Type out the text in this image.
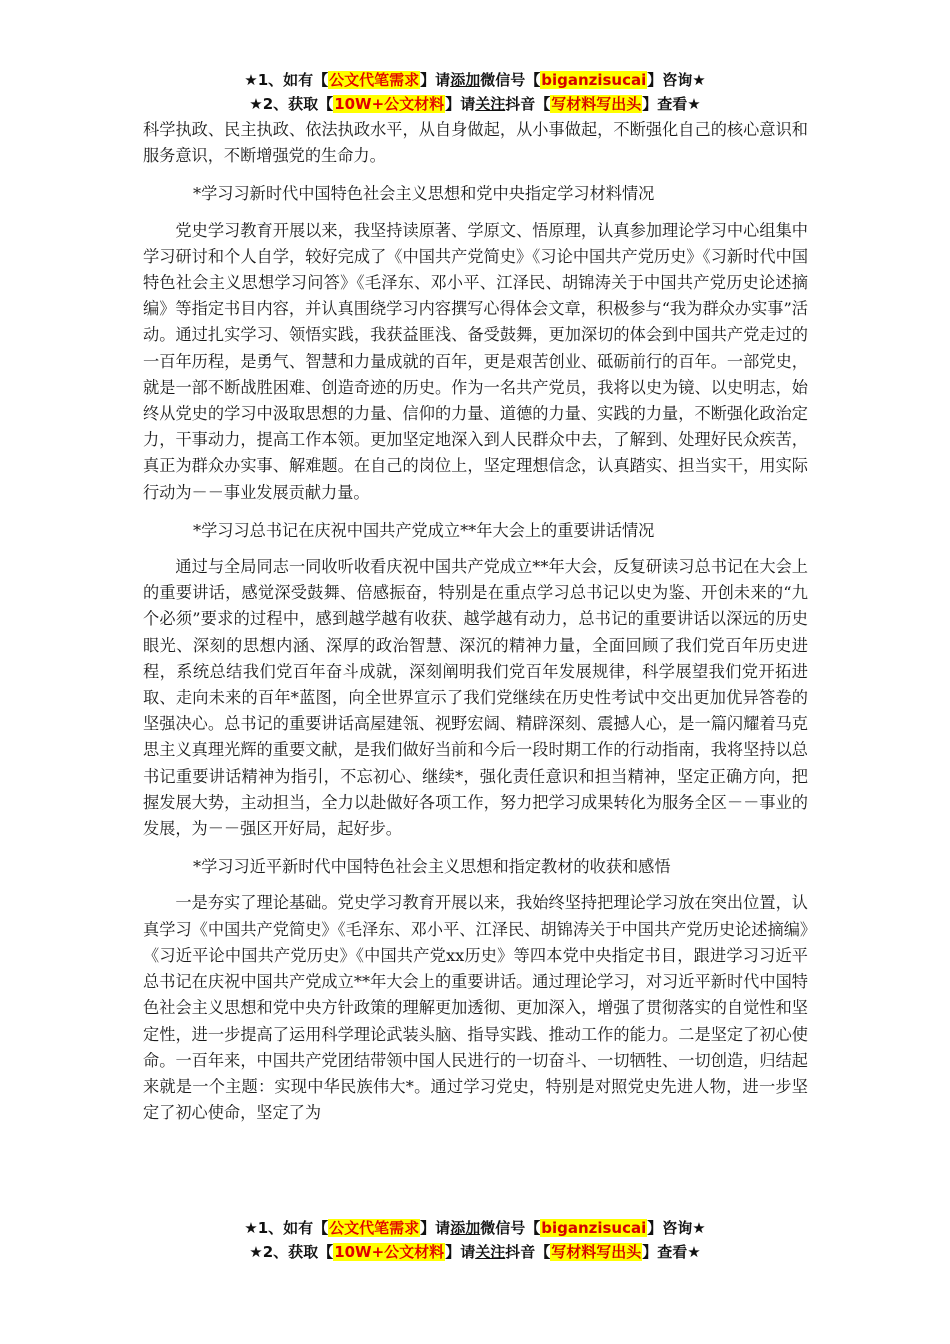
★1、如有【公文代笔需求】请添加微信号【biganzisucai】咨询★
★2、获取【10W+公文材料】请关注抖音【写材料写出头】查看★

科学执政、民主执政、依法执政水平，从自身做起，从小事做起，不断强化自己的核心意识和服务意识，不断增强党的生命力。

*学习习新时代中国特色社会主义思想和党中央指定学习材料情况

党史学习教育开展以来，我坚持读原著、学原文、悟原理，认真参加理论学习中心组集中学习研讨和个人自学，较好完成了《中国共产党简史》《习论中国共产党历史》《习新时代中国特色社会主义思想学习问答》《毛泽东、邓小平、江泽民、胡锦涛关于中国共产党历史论述摘编》等指定书目内容，并认真围绕学习内容撰写心得体会文章，积极参与“我为群众办实事”活动。通过扎实学习、领悟实践，我获益匪浅、备受鼓舞，更加深切的体会到中国共产党走过的一百年历程，是勇气、智慧和力量成就的百年，更是艰苦创业、砥砺前行的百年。一部党史，就是一部不断战胜困难、创造奇迹的历史。作为一名共产党员，我将以史为镜、以史明志，始终从党史的学习中汲取思想的力量、信仰的力量、道德的力量、实践的力量，不断强化政治定力，干事动力，提高工作本领。更加坚定地深入到人民群众中去，了解到、处理好民众疾苦，真正为群众办实事、解难题。在自己的岗位上，坚定理想信念，认真踏实、担当实干，用实际行动为－－事业发展贡献力量。

*学习习总书记在庆祝中国共产党成立**年大会上的重要讲话情况

通过与全局同志一同收听收看庆祝中国共产党成立**年大会，反复研读习总书记在大会上的重要讲话，感觉深受鼓舞、倍感振奋，特别是在重点学习总书记以史为鉴、开创未来的“九个必须”要求的过程中，感到越学越有收获、越学越有动力，总书记的重要讲话以深远的历史眼光、深刻的思想内涵、深厚的政治智慧、深沉的精神力量，全面回顾了我们党百年历史进程，系统总结我们党百年奋斗成就，深刻阐明我们党百年发展规律，科学展望我们党开拓进取、走向未来的百年*蓝图，向全世界宣示了我们党继续在历史性考试中交出更加优异答卷的坚强决心。总书记的重要讲话高屋建瓴、视野宏阔、精辟深刻、震撼人心，是一篇闪耀着马克思主义真理光辉的重要文献，是我们做好当前和今后一段时期工作的行动指南，我将坚持以总书记重要讲话精神为指引，不忘初心、继续*，强化责任意识和担当精神，坚定正确方向，把握发展大势，主动担当，全力以赴做好各项工作，努力把学习成果转化为服务全区－－事业的发展，为－－强区开好局，起好步。

*学习习近平新时代中国特色社会主义思想和指定教材的收获和感悟

一是夯实了理论基础。党史学习教育开展以来，我始终坚持把理论学习放在突出位置，认真学习《中国共产党简史》《毛泽东、邓小平、江泽民、胡锦涛关于中国共产党历史论述摘编》《习近平论中国共产党历史》《中国共产党xx历史》等四本党中央指定书目，跟进学习习近平总书记在庆祝中国共产党成立**年大会上的重要讲话。通过理论学习，对习近平新时代中国特色社会主义思想和党中央方针政策的理解更加透彻、更加深入，增强了贯彻落实的自觉性和坚定性，进一步提高了运用科学理论武装头脑、指导实践、推动工作的能力。二是坚定了初心使命。一百年来，中国共产党团结带领中国人民进行的一切奋斗、一切牺牲、一切创造，归结起来就是一个主题：实现中华民族伟大*。通过学习党史，特别是对照党史先进人物，进一步坚定了初心使命，坚定了为

★1、如有【公文代笔需求】请添加微信号【biganzisucai】咨询★
★2、获取【10W+公文材料】请关注抖音【写材料写出头】查看★
